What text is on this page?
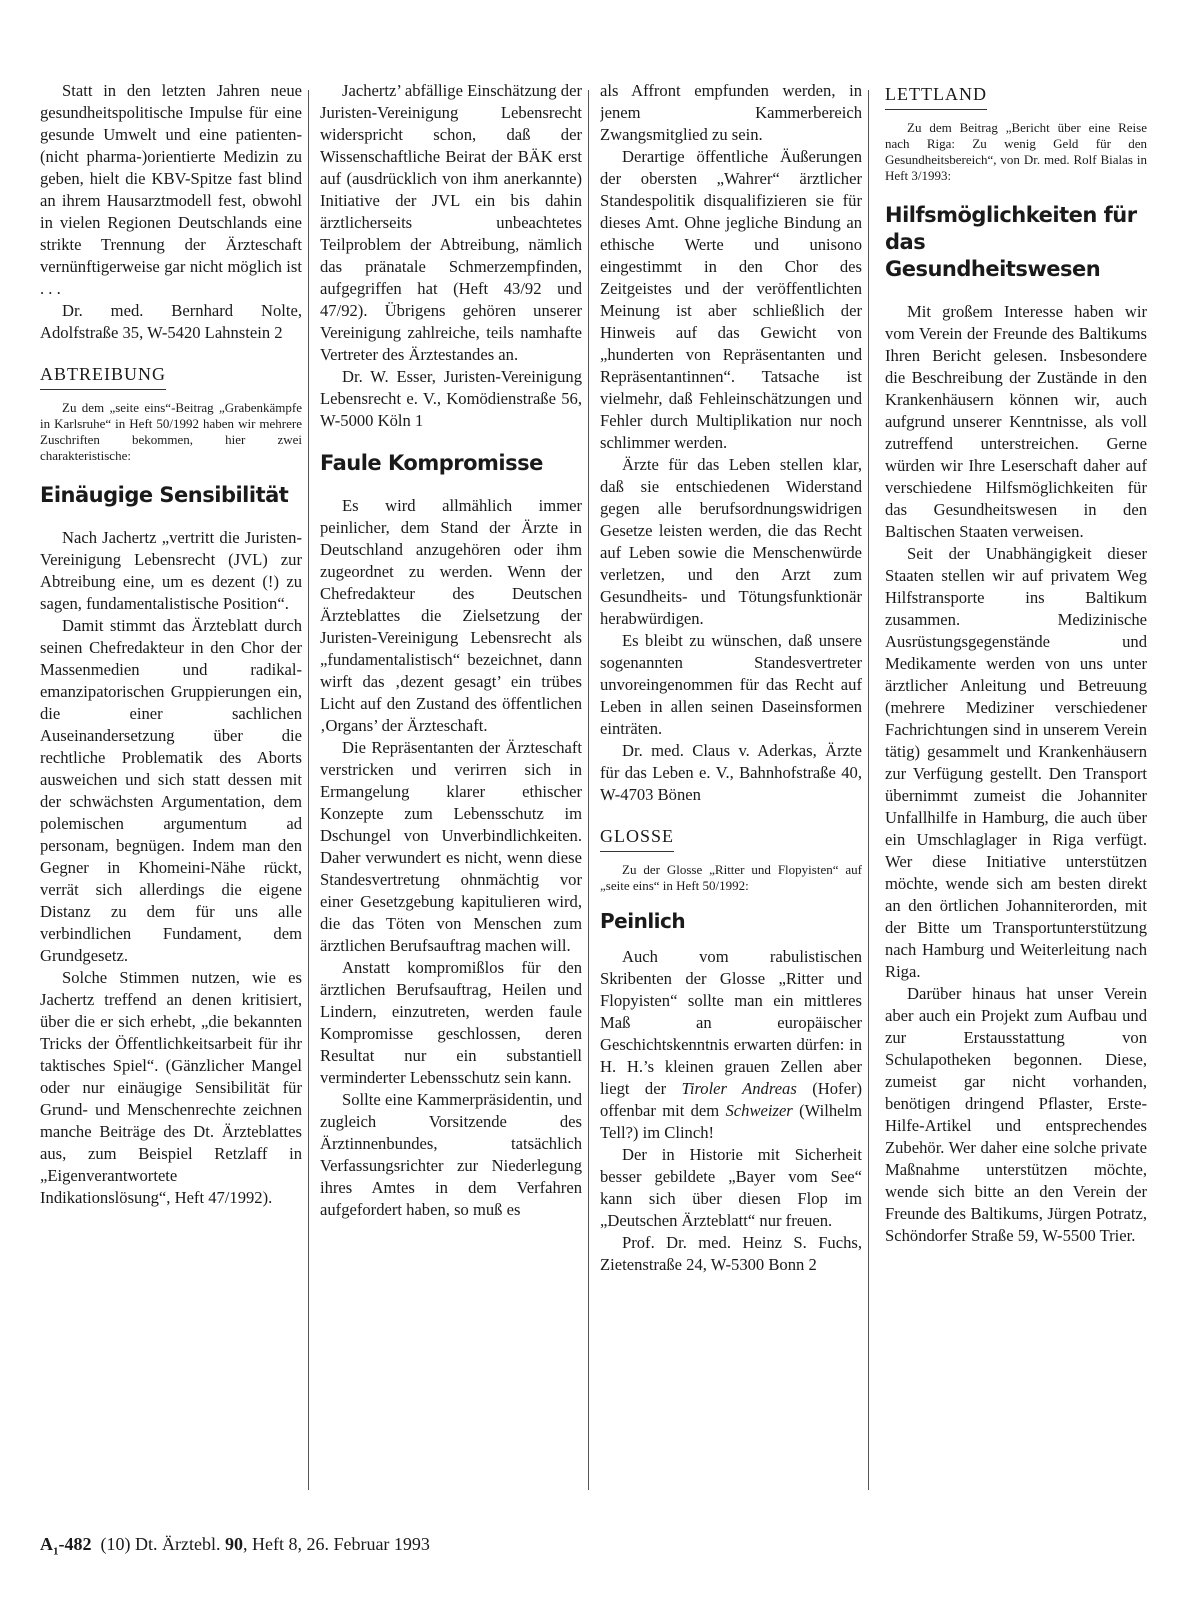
Statt in den letzten Jahren neue gesundheitspolitische Impulse für eine gesunde Umwelt und eine patienten- (nicht pharma-)orientierte Medizin zu geben, hielt die KBV-Spitze fast blind an ihrem Hausarztmodell fest, obwohl in vielen Regionen Deutschlands eine strikte Trennung der Ärzteschaft vernünftigerweise gar nicht möglich ist . . .

Dr. med. Bernhard Nolte, Adolfstraße 35, W-5420 Lahnstein 2

ABTREIBUNG
Zu dem „seite eins“-Beitrag „Grabenkämpfe in Karlsruhe“ in Heft 50/1992 haben wir mehrere Zuschriften bekommen, hier zwei charakteristische:
Einäugige Sensibilität

Nach Jachertz „vertritt die Juristen-Vereinigung Lebensrecht (JVL) zur Abtreibung eine, um es dezent (!) zu sagen, fundamentalistische Position“.

Damit stimmt das Ärzteblatt durch seinen Chefredakteur in den Chor der Massenmedien und radikal-emanzipatorischen Gruppierungen ein, die einer sachlichen Auseinandersetzung über die rechtliche Problematik des Aborts ausweichen und sich statt dessen mit der schwächsten Argumentation, dem polemischen argumentum ad personam, begnügen. Indem man den Gegner in Khomeini-Nähe rückt, verrät sich allerdings die eigene Distanz zu dem für uns alle verbindlichen Fundament, dem Grundgesetz.

Solche Stimmen nutzen, wie es Jachertz treffend an denen kritisiert, über die er sich erhebt, „die bekannten Tricks der Öffentlichkeitsarbeit für ihr taktisches Spiel“. (Gänzlicher Mangel oder nur einäugige Sensibilität für Grund- und Menschenrechte zeichnen manche Beiträge des Dt. Ärzteblattes aus, zum Beispiel Retzlaff in „Eigenverantwortete Indikationslösung“, Heft 47/1992).

Jachertz’ abfällige Einschätzung der Juristen-Vereinigung Lebensrecht widerspricht schon, daß der Wissenschaftliche Beirat der BÄK erst auf (ausdrücklich von ihm anerkannte) Initiative der JVL ein bis dahin ärztlicherseits unbeachtetes Teilproblem der Abtreibung, nämlich das pränatale Schmerzempfinden, aufgegriffen hat (Heft 43/92 und 47/92). Übrigens gehören unserer Vereinigung zahlreiche, teils namhafte Vertreter des Ärztestandes an.

Dr. W. Esser, Juristen-Vereinigung Lebensrecht e. V., Komödienstraße 56, W-5000 Köln 1

Faule Kompromisse

Es wird allmählich immer peinlicher, dem Stand der Ärzte in Deutschland anzugehören oder ihm zugeordnet zu werden. Wenn der Chefredakteur des Deutschen Ärzteblattes die Zielsetzung der Juristen-Vereinigung Lebensrecht als „fundamentalistisch“ bezeichnet, dann wirft das ‚dezent gesagt’ ein trübes Licht auf den Zustand des öffentlichen ‚Organs’ der Ärzteschaft.

Die Repräsentanten der Ärzteschaft verstricken und verirren sich in Ermangelung klarer ethischer Konzepte zum Lebensschutz im Dschungel von Unverbindlichkeiten. Daher verwundert es nicht, wenn diese Standesvertretung ohnmächtig vor einer Gesetzgebung kapitulieren wird, die das Töten von Menschen zum ärztlichen Berufsauftrag machen will.

Anstatt kompromißlos für den ärztlichen Berufsauftrag, Heilen und Lindern, einzutreten, werden faule Kompromisse geschlossen, deren Resultat nur ein substantiell verminderter Lebensschutz sein kann.

Sollte eine Kammerpräsidentin, und zugleich Vorsitzende des Ärztinnenbundes, tatsächlich Verfassungsrichter zur Niederlegung ihres Amtes in dem Verfahren aufgefordert haben, so muß es

als Affront empfunden werden, in jenem Kammerbereich Zwangsmitglied zu sein.

Derartige öffentliche Äußerungen der obersten „Wahrer“ ärztlicher Standespolitik disqualifizieren sie für dieses Amt. Ohne jegliche Bindung an ethische Werte und unisono eingestimmt in den Chor des Zeitgeistes und der veröffentlichten Meinung ist aber schließlich der Hinweis auf das Gewicht von „hunderten von Repräsentanten und Repräsentantinnen“. Tatsache ist vielmehr, daß Fehleinschätzungen und Fehler durch Multiplikation nur noch schlimmer werden.

Ärzte für das Leben stellen klar, daß sie entschiedenen Widerstand gegen alle berufsordnungswidrigen Gesetze leisten werden, die das Recht auf Leben sowie die Menschenwürde verletzen, und den Arzt zum Gesundheits- und Tötungsfunktionär herabwürdigen.

Es bleibt zu wünschen, daß unsere sogenannten Standesvertreter unvoreingenommen für das Recht auf Leben in allen seinen Daseinsformen einträten.

Dr. med. Claus v. Aderkas, Ärzte für das Leben e. V., Bahnhofstraße 40, W-4703 Bönen

GLOSSE
Zu der Glosse „Ritter und Flopyisten“ auf „seite eins“ in Heft 50/1992:
Peinlich

Auch vom rabulistischen Skribenten der Glosse „Ritter und Flopyisten“ sollte man ein mittleres Maß an europäischer Geschichtskenntnis erwarten dürfen: in H. H.’s kleinen grauen Zellen aber liegt der Tiroler Andreas (Hofer) offenbar mit dem Schweizer (Wilhelm Tell?) im Clinch!

Der in Historie mit Sicherheit besser gebildete „Bayer vom See“ kann sich über diesen Flop im „Deutschen Ärzteblatt“ nur freuen.

Prof. Dr. med. Heinz S. Fuchs, Zietenstraße 24, W-5300 Bonn 2

LETTLAND
Zu dem Beitrag „Bericht über eine Reise nach Riga: Zu wenig Geld für den Gesundheitsbereich“, von Dr. med. Rolf Bialas in Heft 3/1993:
Hilfsmöglichkeiten für das Gesundheitswesen

Mit großem Interesse haben wir vom Verein der Freunde des Baltikums Ihren Bericht gelesen. Insbesondere die Beschreibung der Zustände in den Krankenhäusern können wir, auch aufgrund unserer Kenntnisse, als voll zutreffend unterstreichen. Gerne würden wir Ihre Leserschaft daher auf verschiedene Hilfsmöglichkeiten für das Gesundheitswesen in den Baltischen Staaten verweisen.

Seit der Unabhängigkeit dieser Staaten stellen wir auf privatem Weg Hilfstransporte ins Baltikum zusammen. Medizinische Ausrüstungsgegenstände und Medikamente werden von uns unter ärztlicher Anleitung und Betreuung (mehrere Mediziner verschiedener Fachrichtungen sind in unserem Verein tätig) gesammelt und Krankenhäusern zur Verfügung gestellt. Den Transport übernimmt zumeist die Johanniter Unfallhilfe in Hamburg, die auch über ein Umschlaglager in Riga verfügt. Wer diese Initiative unterstützen möchte, wende sich am besten direkt an den örtlichen Johanniterorden, mit der Bitte um Transportunterstützung nach Hamburg und Weiterleitung nach Riga.

Darüber hinaus hat unser Verein aber auch ein Projekt zum Aufbau und zur Erstausstattung von Schulapotheken begonnen. Diese, zumeist gar nicht vorhanden, benötigen dringend Pflaster, Erste-Hilfe-Artikel und entsprechendes Zubehör. Wer daher eine solche private Maßnahme unterstützen möchte, wende sich bitte an den Verein der Freunde des Baltikums, Jürgen Potratz, Schöndorfer Straße 59, W-5500 Trier.

$A_1-482$ (10) Dt. Ärztebl. 90, Heft 8, 26. Februar 1993
